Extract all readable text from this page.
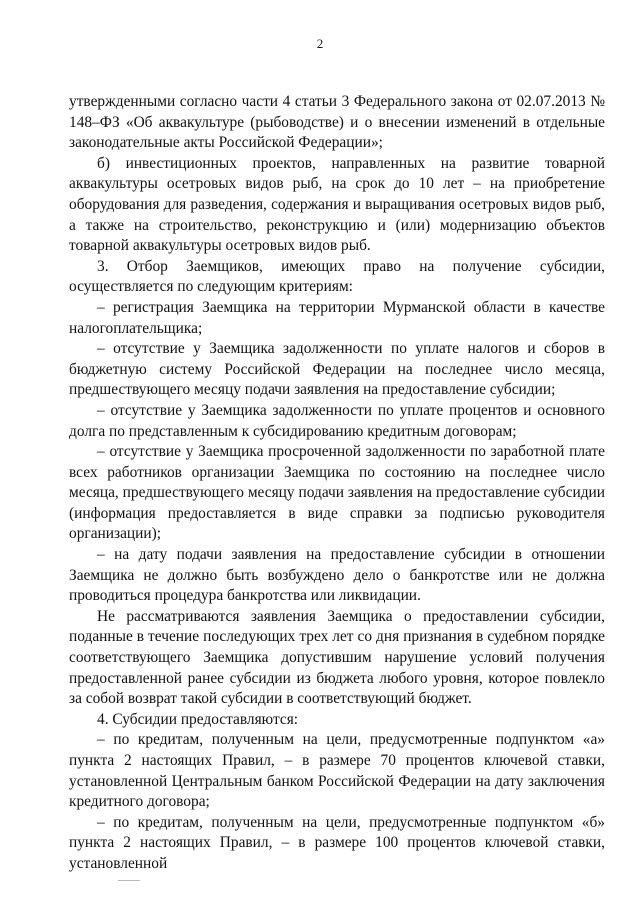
2

утвержденными согласно части 4 статьи 3 Федерального закона от 02.07.2013 № 148–ФЗ «Об аквакультуре (рыбоводстве) и о внесении изменений в отдельные законодательные акты Российской Федерации»;

б) инвестиционных проектов, направленных на развитие товарной аквакультуры осетровых видов рыб, на срок до 10 лет – на приобретение оборудования для разведения, содержания и выращивания осетровых видов рыб, а также на строительство, реконструкцию и (или) модернизацию объектов товарной аквакультуры осетровых видов рыб.

3. Отбор Заемщиков, имеющих право на получение субсидии, осуществляется по следующим критериям:

– регистрация Заемщика на территории Мурманской области в качестве налогоплательщика;

– отсутствие у Заемщика задолженности по уплате налогов и сборов в бюджетную систему Российской Федерации на последнее число месяца, предшествующего месяцу подачи заявления на предоставление субсидии;

– отсутствие у Заемщика задолженности по уплате процентов и основного долга по представленным к субсидированию кредитным договорам;

– отсутствие у Заемщика просроченной задолженности по заработной плате всех работников организации Заемщика по состоянию на последнее число месяца, предшествующего месяцу подачи заявления на предоставление субсидии (информация предоставляется в виде справки за подписью руководителя организации);

– на дату подачи заявления на предоставление субсидии в отношении Заемщика не должно быть возбуждено дело о банкротстве или не должна проводиться процедура банкротства или ликвидации.

Не рассматриваются заявления Заемщика о предоставлении субсидии, поданные в течение последующих трех лет со дня признания в судебном порядке соответствующего Заемщика допустившим нарушение условий получения предоставленной ранее субсидии из бюджета любого уровня, которое повлекло за собой возврат такой субсидии в соответствующий бюджет.

4. Субсидии предоставляются:

– по кредитам, полученным на цели, предусмотренные подпунктом «а» пункта 2 настоящих Правил, – в размере 70 процентов ключевой ставки, установленной Центральным банком Российской Федерации на дату заключения кредитного договора;

– по кредитам, полученным на цели, предусмотренные подпунктом «б» пункта 2 настоящих Правил, – в размере 100 процентов ключевой ставки, установленной
